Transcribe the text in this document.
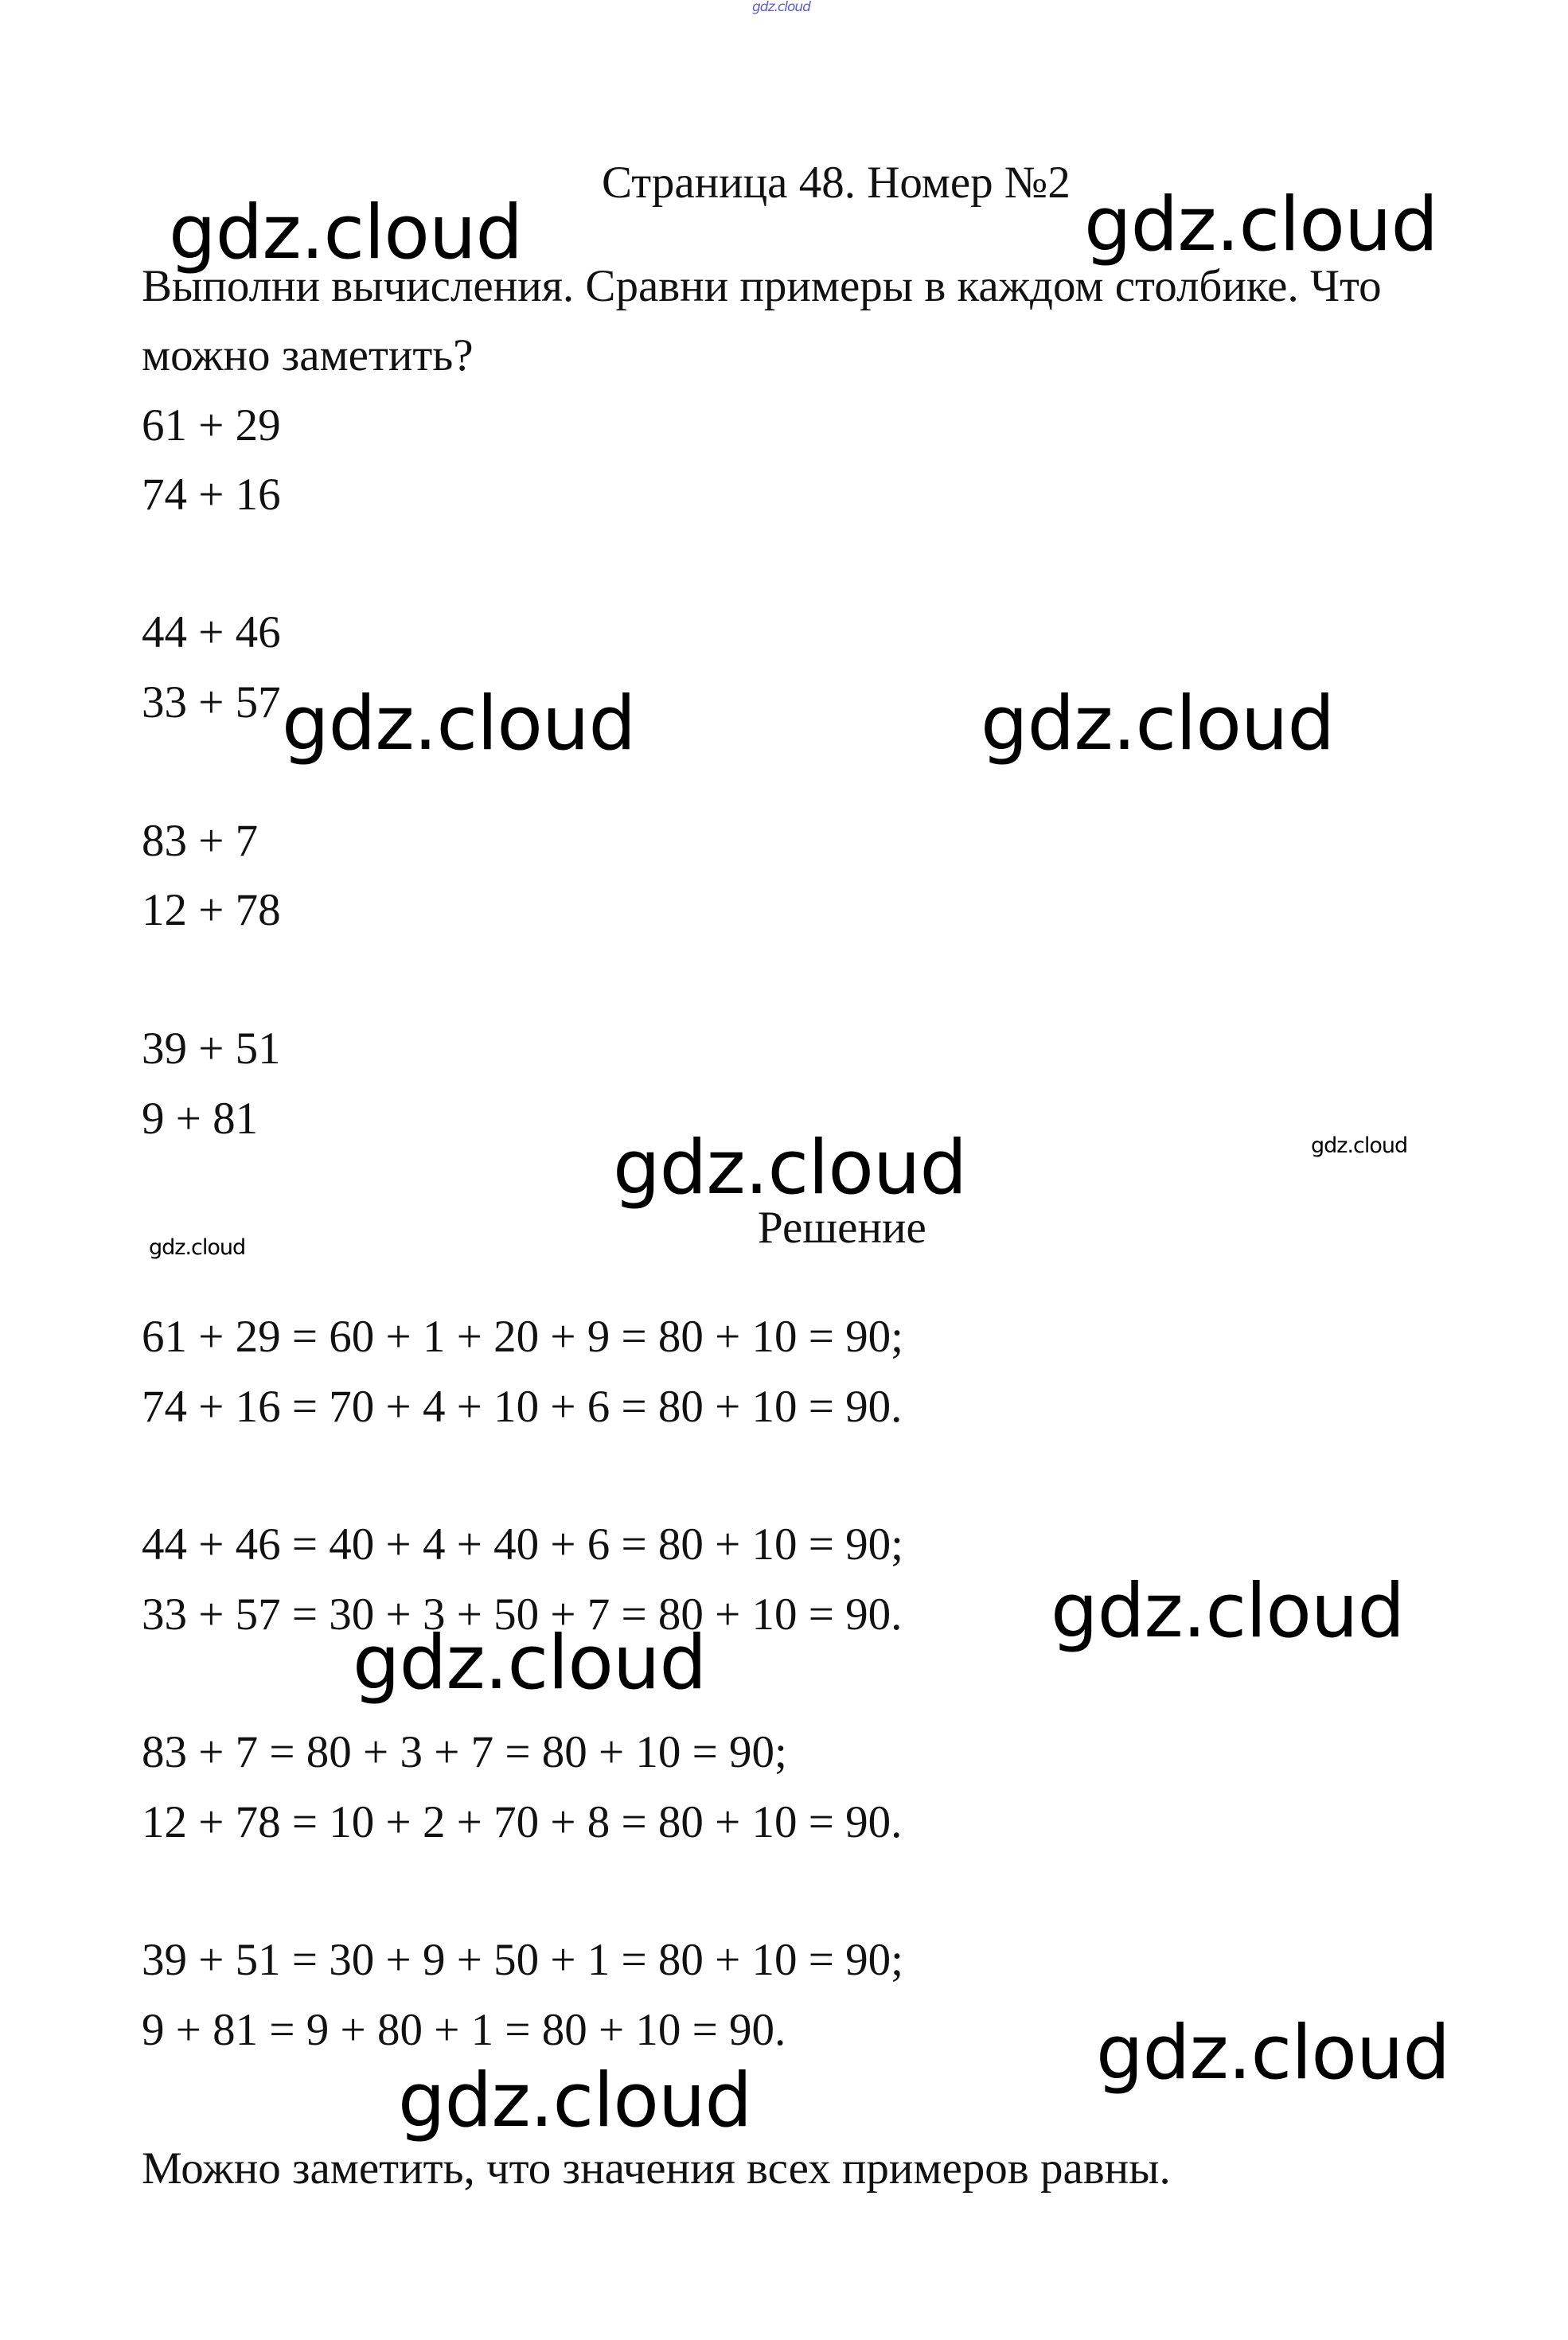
gdz.cloud
Страница 48. Номер №2
Выполни вычисления. Сравни примеры в каждом столбике. Что
можно заметить?
61 + 29
74 + 16
44 + 46
33 + 57
83 + 7
12 + 78
39 + 51
9 + 81
Решение
61 + 29 = 60 + 1 + 20 + 9 = 80 + 10 = 90;
74 + 16 = 70 + 4 + 10 + 6 = 80 + 10 = 90.
44 + 46 = 40 + 4 + 40 + 6 = 80 + 10 = 90;
33 + 57 = 30 + 3 + 50 + 7 = 80 + 10 = 90.
83 + 7 = 80 + 3 + 7 = 80 + 10 = 90;
12 + 78 = 10 + 2 + 70 + 8 = 80 + 10 = 90.
39 + 51 = 30 + 9 + 50 + 1 = 80 + 10 = 90;
9 + 81 = 9 + 80 + 1 = 80 + 10 = 90.
Можно заметить, что значения всех примеров равны.
gdz.cloud	gdz.cloud
gdz.cloud	gdz.cloud
gdz.cloud
gdz.cloud
gdz.cloud
gdz.cloud
gdz.cloud
gdz.cloud
gdz.cloud
